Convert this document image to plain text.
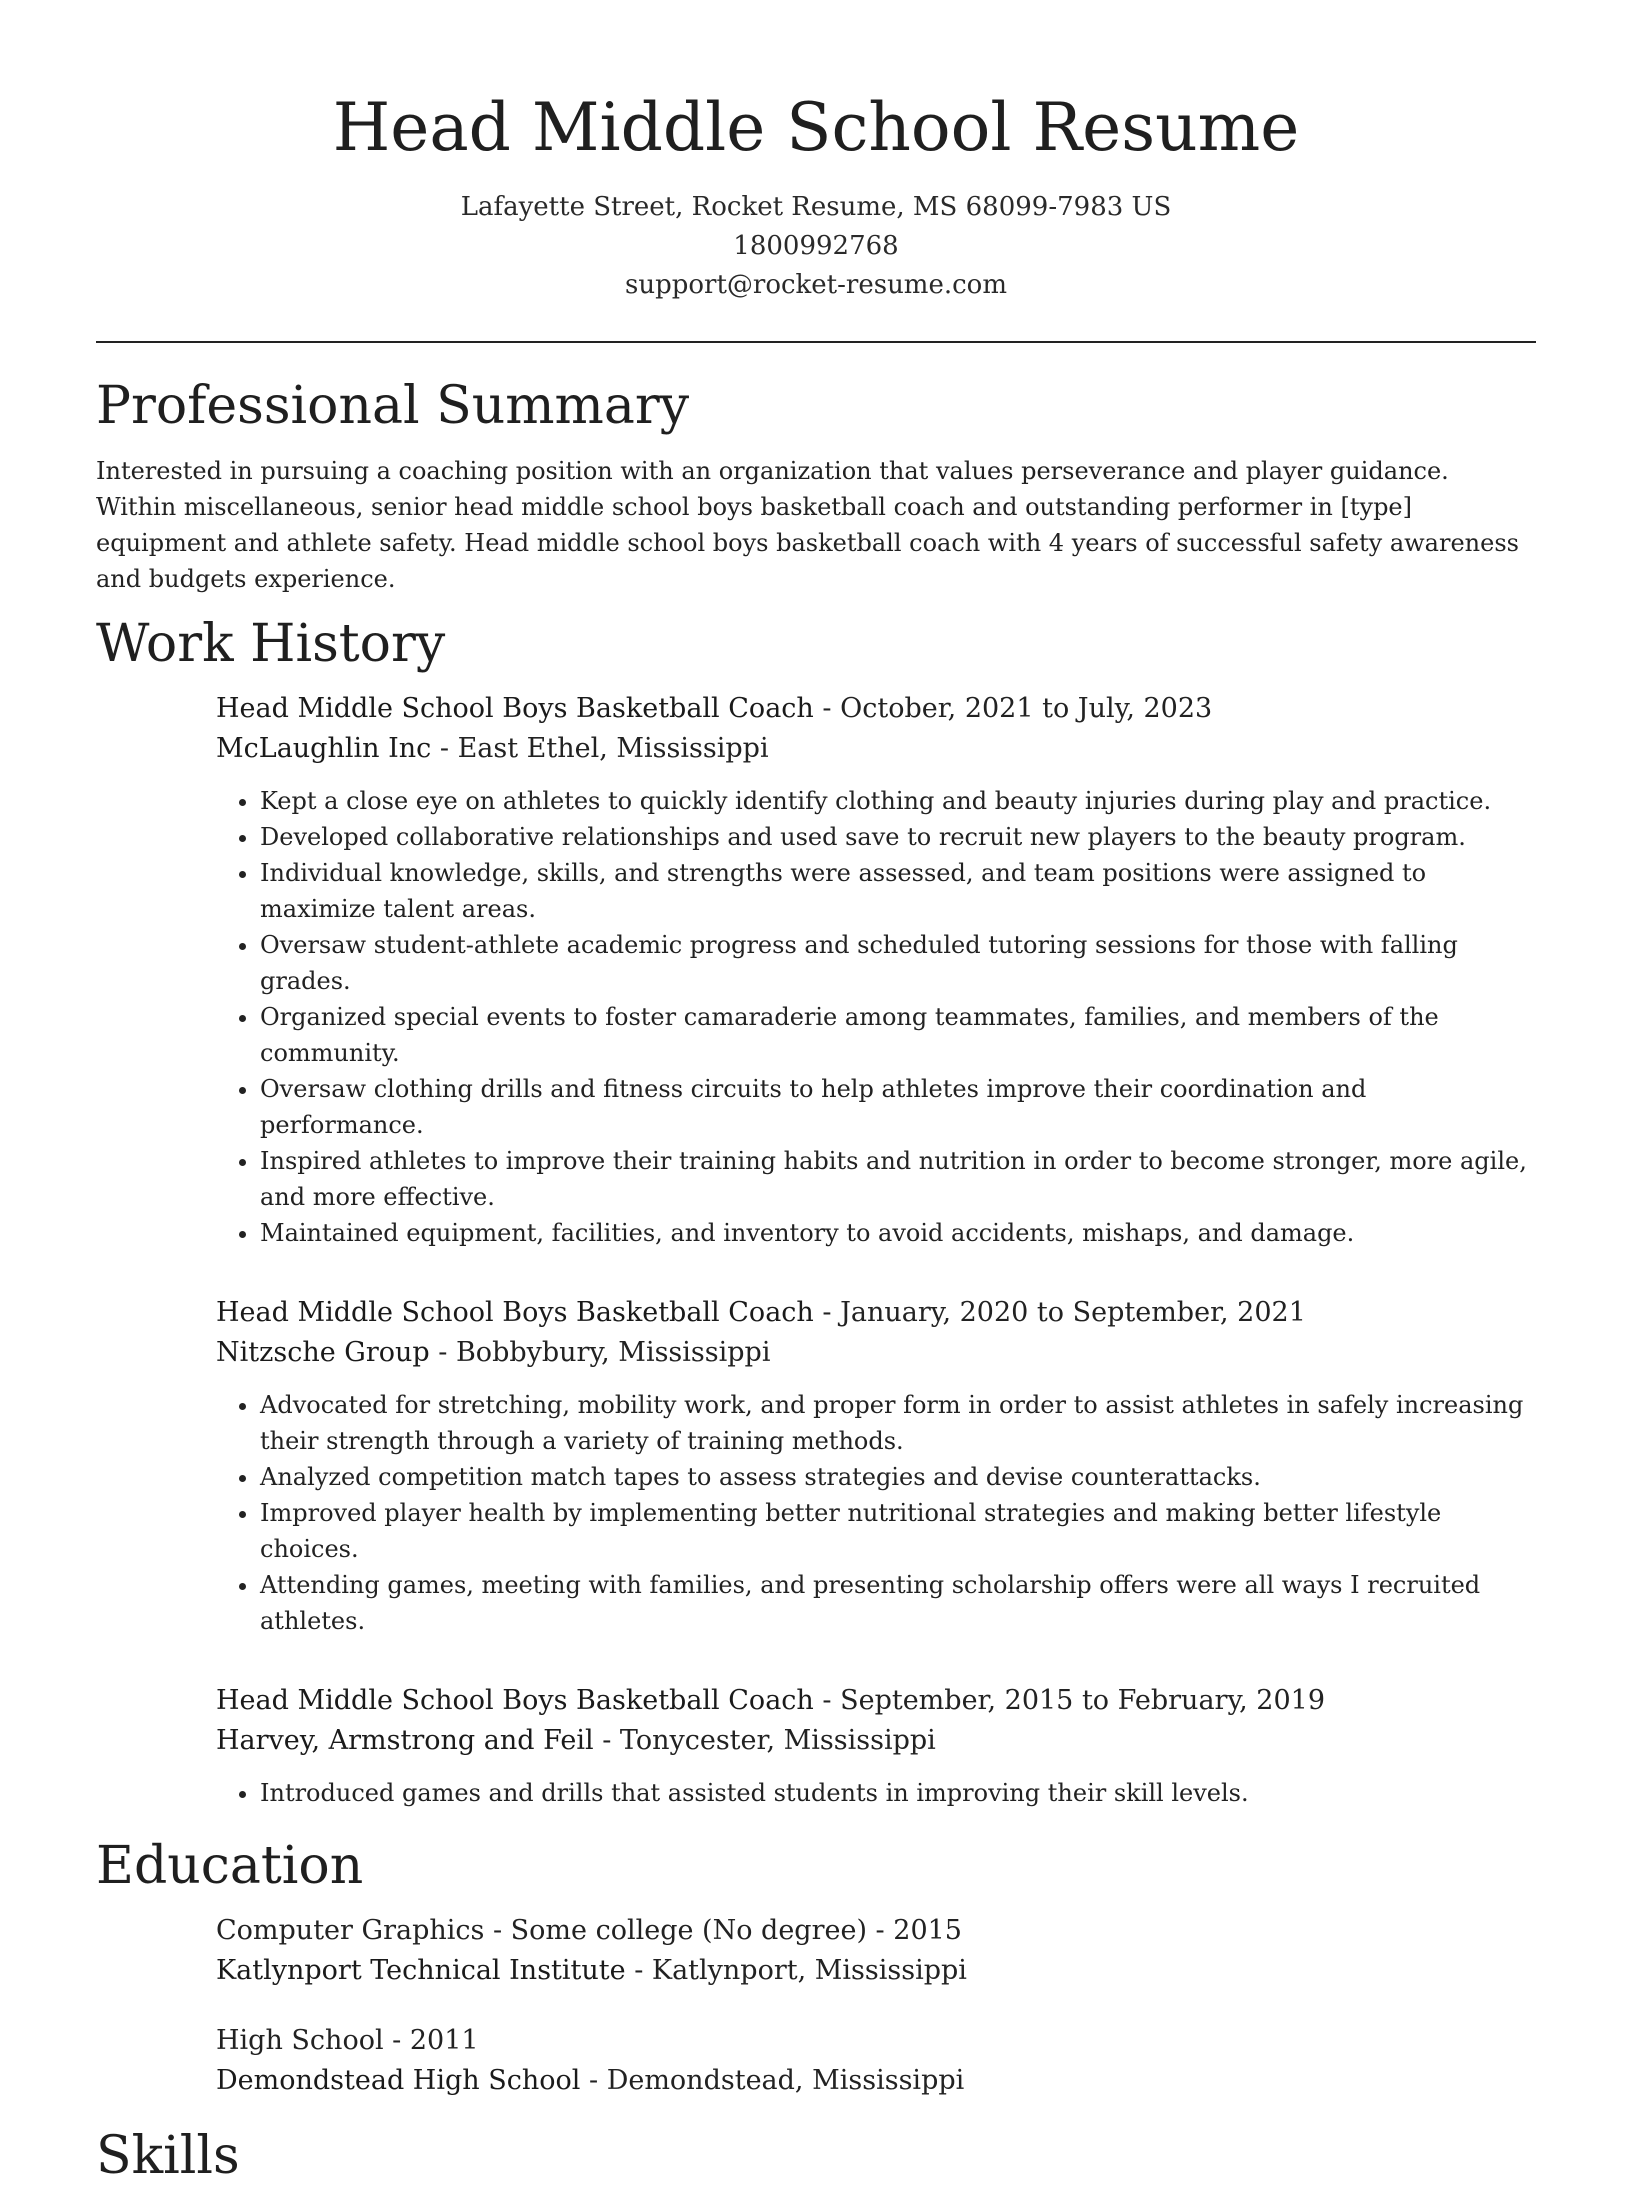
Head Middle School Resume
Lafayette Street, Rocket Resume, MS 68099-7983 US
1800992768
support@rocket-resume.com
Professional Summary

Interested in pursuing a coaching position with an organization that values perseverance and player guidance. Within miscellaneous, senior head middle school boys basketball coach and outstanding performer in [type] equipment and athlete safety. Head middle school boys basketball coach with 4 years of successful safety awareness and budgets experience.

Work History

Head Middle School Boys Basketball Coach - October, 2021 to July, 2023

McLaughlin Inc - East Ethel, Mississippi

• Kept a close eye on athletes to quickly identify clothing and beauty injuries during play and practice.
• Developed collaborative relationships and used save to recruit new players to the beauty program.
• Individual knowledge, skills, and strengths were assessed, and team positions were assigned to maximize talent areas.
• Oversaw student-athlete academic progress and scheduled tutoring sessions for those with falling grades.
• Organized special events to foster camaraderie among teammates, families, and members of the community.
• Oversaw clothing drills and fitness circuits to help athletes improve their coordination and performance.
• Inspired athletes to improve their training habits and nutrition in order to become stronger, more agile, and more effective.
• Maintained equipment, facilities, and inventory to avoid accidents, mishaps, and damage.

Head Middle School Boys Basketball Coach - January, 2020 to September, 2021

Nitzsche Group - Bobbybury, Mississippi

• Advocated for stretching, mobility work, and proper form in order to assist athletes in safely increasing their strength through a variety of training methods.
• Analyzed competition match tapes to assess strategies and devise counterattacks.
• Improved player health by implementing better nutritional strategies and making better lifestyle choices.
• Attending games, meeting with families, and presenting scholarship offers were all ways I recruited athletes.

Head Middle School Boys Basketball Coach - September, 2015 to February, 2019

Harvey, Armstrong and Feil - Tonycester, Mississippi

• Introduced games and drills that assisted students in improving their skill levels.
Education

Computer Graphics - Some college (No degree) - 2015

Katlynport Technical Institute - Katlynport, Mississippi

High School - 2011

Demondstead High School - Demondstead, Mississippi

Skills
